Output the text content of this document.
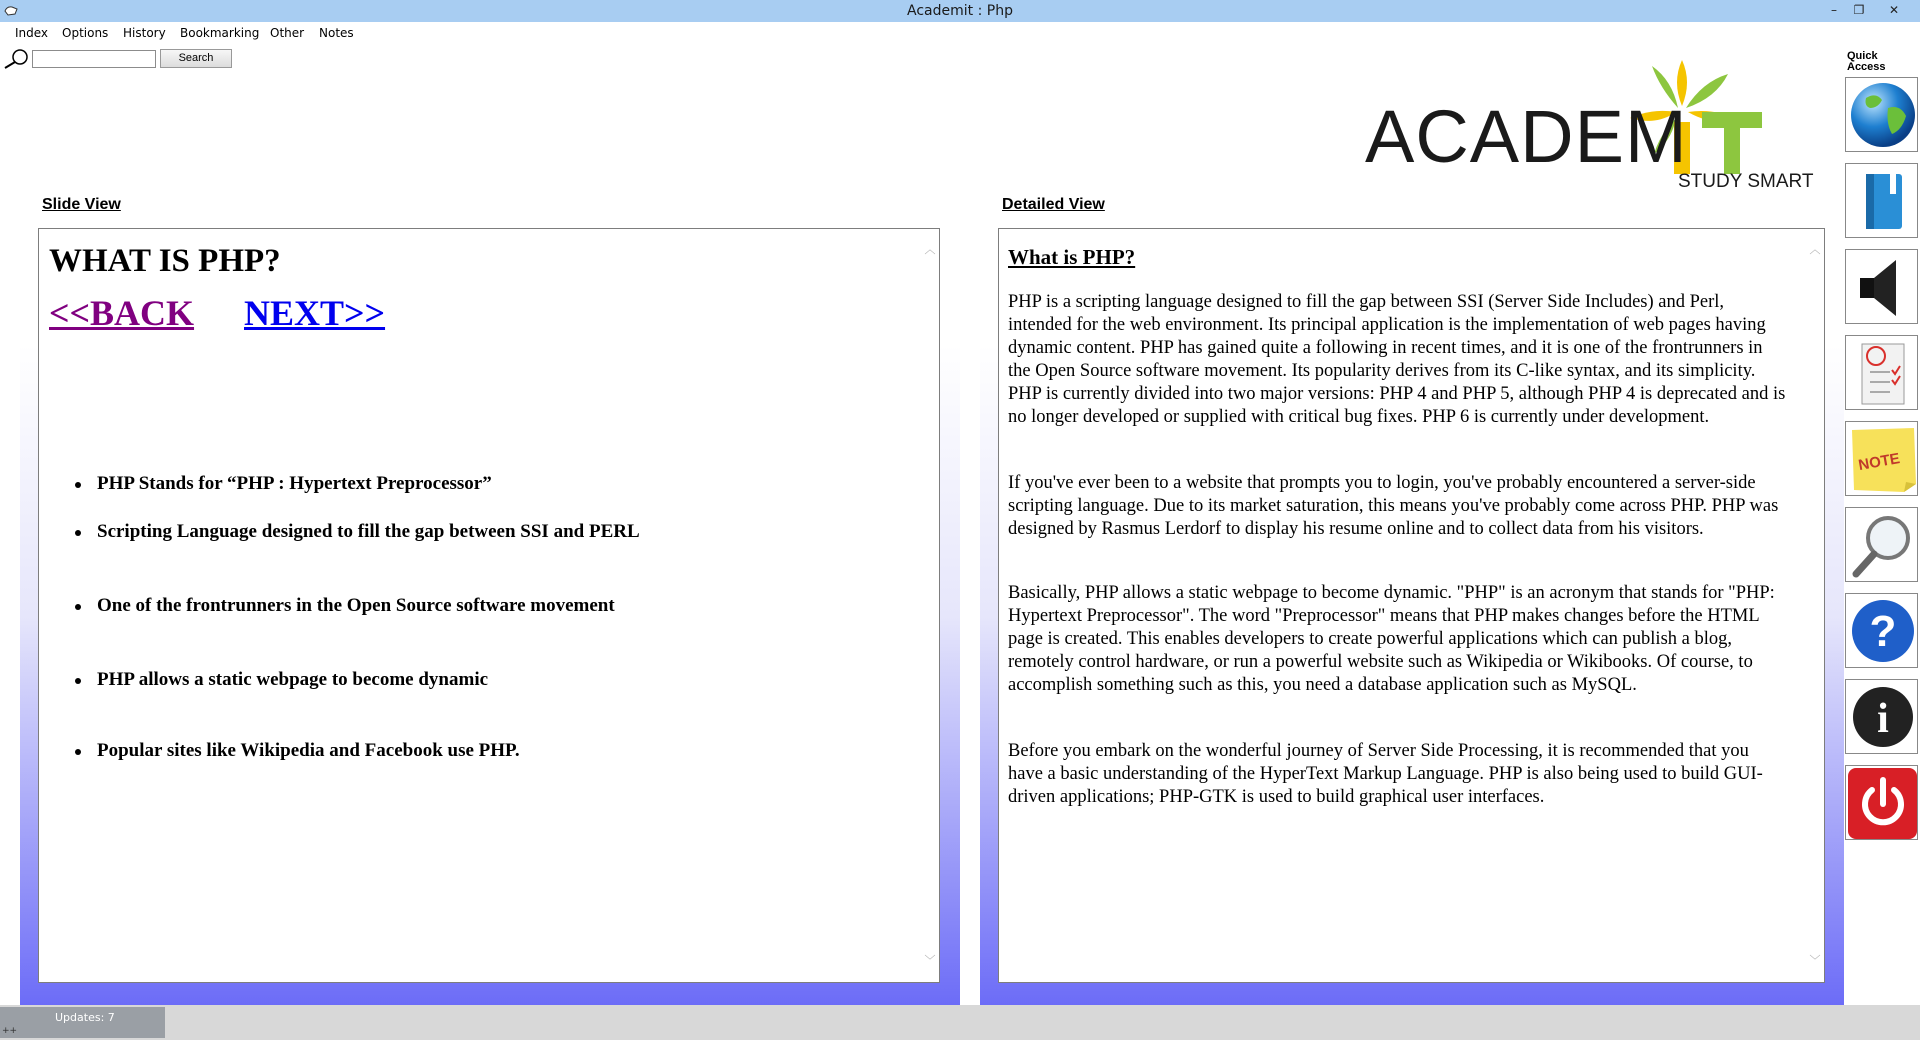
Academit : Php	–	❐	✕
Index Options History Bookmarking Other Notes
Search
ACADEM
STUDY SMART
Slide View	Detailed View
︿
﹀
WHAT IS PHP?
<<BACK NEXT>>
PHP Stands for “PHP : Hypertext Preprocessor”
Scripting Language designed to fill the gap between SSI and PERL
One of the frontrunners in the Open Source software movement
PHP allows a static webpage to become dynamic
Popular sites like Wikipedia and Facebook use PHP.
︿
﹀
What is PHP?

PHP is a scripting language designed to fill the gap between SSI (Server Side Includes) and Perl, intended for the web environment. Its principal application is the implementation of web pages having dynamic content. PHP has gained quite a following in recent times, and it is one of the frontrunners in the Open Source software movement. Its popularity derives from its C-like syntax, and its simplicity. PHP is currently divided into two major versions: PHP 4 and PHP 5, although PHP 4 is deprecated and is no longer developed or supplied with critical bug fixes. PHP 6 is currently under development.

If you've ever been to a website that prompts you to login, you've probably encountered a server-side scripting language. Due to its market saturation, this means you've probably come across PHP. PHP was designed by Rasmus Lerdorf to display his resume online and to collect data from his visitors.

Basically, PHP allows a static webpage to become dynamic. "PHP" is an acronym that stands for "PHP: Hypertext Preprocessor". The word "Preprocessor" means that PHP makes changes before the HTML page is created. This enables developers to create powerful applications which can publish a blog, remotely control hardware, or run a powerful website such as Wikipedia or Wikibooks. Of course, to accomplish something such as this, you need a database application such as MySQL.

Before you embark on the wonderful journey of Server Side Processing, it is recommended that you have a basic understanding of the HyperText Markup Language. PHP is also being used to build GUI-driven applications; PHP-GTK is used to build graphical user interfaces.

Quick
Access
NOTE
?
i
Updates: 7
++
